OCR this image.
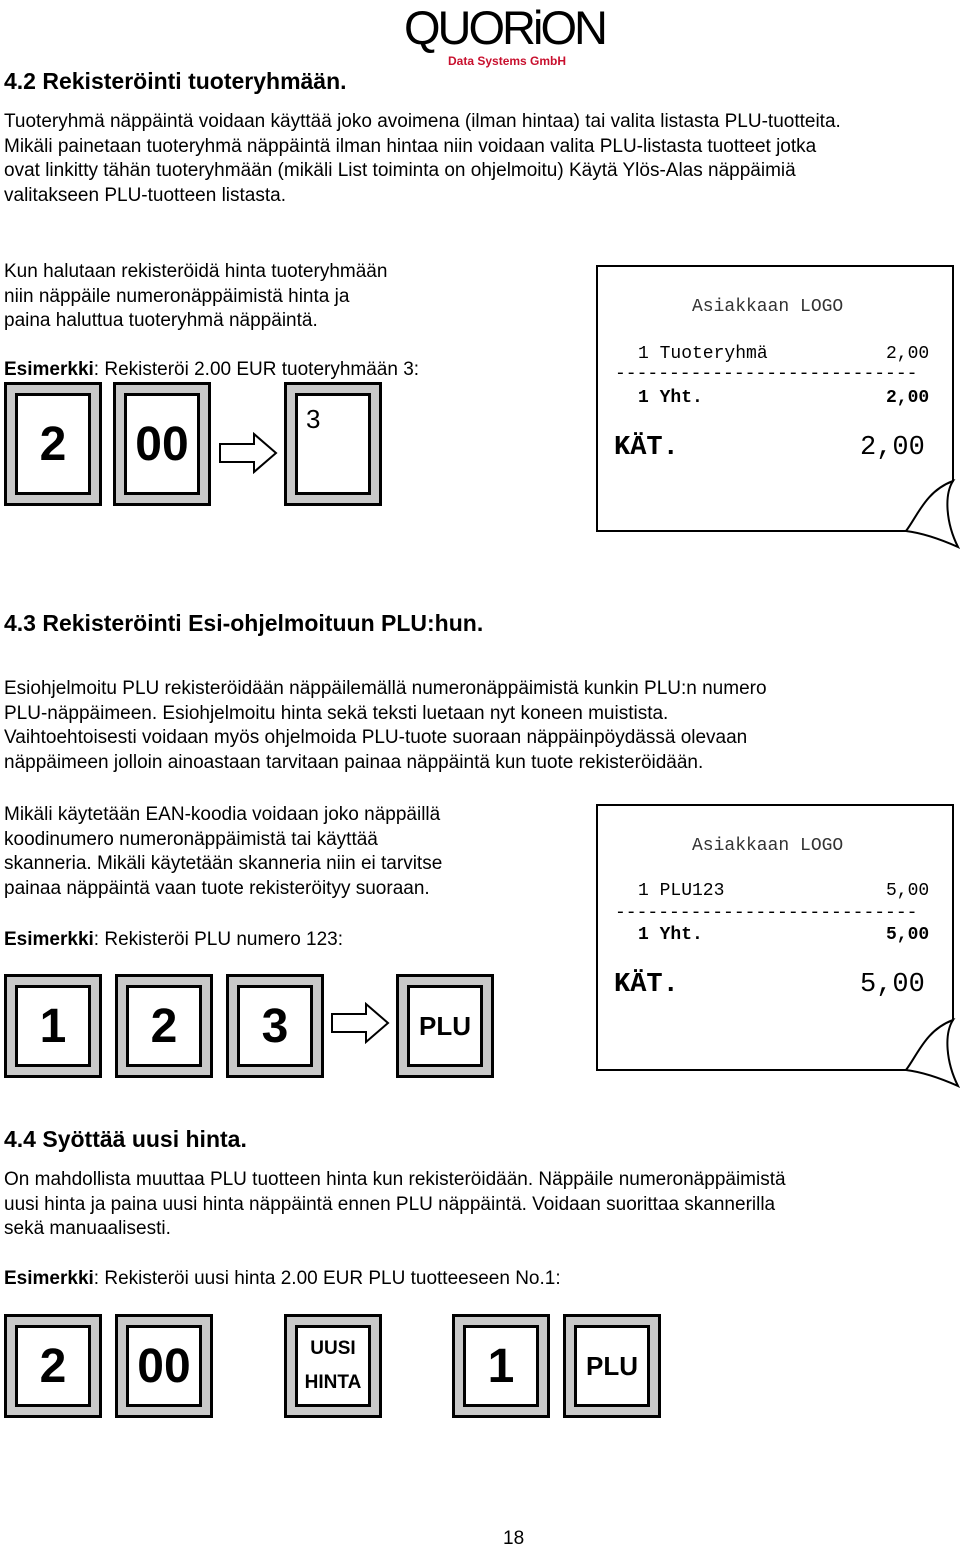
QUORiON
Data Systems GmbH
4.2 Rekisteröinti tuoteryhmään.
Tuoteryhmä näppäintä voidaan käyttää joko avoimena (ilman hintaa) tai valita listasta PLU-tuotteita.
Mikäli painetaan tuoteryhmä näppäintä ilman hintaa niin voidaan valita PLU-listasta tuotteet jotka
ovat linkitty tähän tuoteryhmään (mikäli List toiminta on ohjelmoitu) Käytä Ylös-Alas näppäimiä
valitakseen PLU-tuotteen listasta.
Kun halutaan rekisteröidä hinta tuoteryhmään
niin näppäile numeronäppäimistä hinta ja
paina haluttua tuoteryhmä näppäintä.
Esimerkki: Rekisteröi 2.00 EUR tuoteryhmään 3:
2	00	3
Asiakkaan LOGO
1 Tuoteryhmä	2,00
----------------------------
1 Yht.	2,00
KÄT.	2,00
4.3 Rekisteröinti Esi-ohjelmoituun PLU:hun.
Esiohjelmoitu PLU rekisteröidään näppäilemällä numeronäppäimistä kunkin PLU:n numero
PLU-näppäimeen. Esiohjelmoitu hinta sekä teksti luetaan nyt koneen muistista.
Vaihtoehtoisesti voidaan myös ohjelmoida PLU-tuote suoraan näppäinpöydässä olevaan
näppäimeen jolloin ainoastaan tarvitaan painaa näppäintä kun tuote rekisteröidään.
Mikäli käytetään EAN-koodia voidaan joko näppäillä
koodinumero numeronäppäimistä tai käyttää
skanneria. Mikäli käytetään skanneria niin ei tarvitse
painaa näppäintä vaan tuote rekisteröityy suoraan.
Esimerkki: Rekisteröi PLU numero 123:
1	2	3	PLU
Asiakkaan LOGO
1 PLU123	5,00
----------------------------
1 Yht.	5,00
KÄT.	5,00
4.4 Syöttää uusi hinta.
On mahdollista muuttaa PLU tuotteen hinta kun rekisteröidään. Näppäile numeronäppäimistä
uusi hinta ja paina uusi hinta näppäintä ennen PLU näppäintä. Voidaan suorittaa skannerilla
sekä manuaalisesti.
Esimerkki: Rekisteröi uusi hinta 2.00 EUR PLU tuotteeseen No.1:
2	00	UUSI
HINTA	1	PLU
18
